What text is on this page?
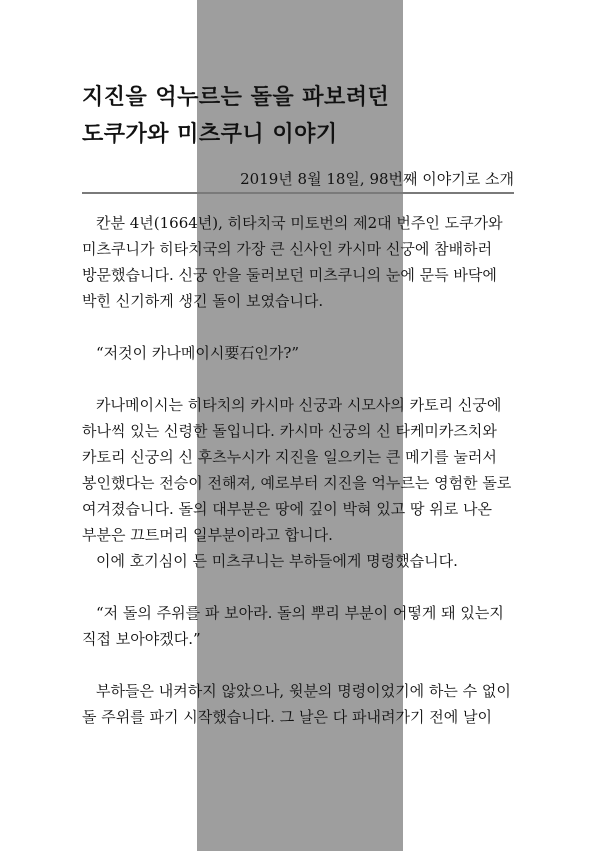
지진을 억누르는 돌을 파보려던
도쿠가와 미츠쿠니 이야기
2019년 8월 18일, 98번째 이야기로 소개

칸분 4년(1664년), 히타치국 미토번의 제2대 번주인 도쿠가와
미츠쿠니가 히타치국의 가장 큰 신사인 카시마 신궁에 참배하러
방문했습니다. 신궁 안을 둘러보던 미츠쿠니의 눈에 문득 바닥에
박힌 신기하게 생긴 돌이 보였습니다.

“저것이 카나메이시要石인가?”

카나메이시는 히타치의 카시마 신궁과 시모사의 카토리 신궁에
하나씩 있는 신령한 돌입니다. 카시마 신궁의 신 타케미카즈치와
카토리 신궁의 신 후츠누시가 지진을 일으키는 큰 메기를 눌러서
봉인했다는 전승이 전해져, 예로부터 지진을 억누르는 영험한 돌로
여겨졌습니다. 돌의 대부분은 땅에 깊이 박혀 있고 땅 위로 나온
부분은 끄트머리 일부분이라고 합니다.
이에 호기심이 든 미츠쿠니는 부하들에게 명령했습니다.

“저 돌의 주위를 파 보아라. 돌의 뿌리 부분이 어떻게 돼 있는지
직접 보아야겠다.”

부하들은 내켜하지 않았으나, 윗분의 명령이었기에 하는 수 없이
돌 주위를 파기 시작했습니다. 그 날은 다 파내려가기 전에 날이
